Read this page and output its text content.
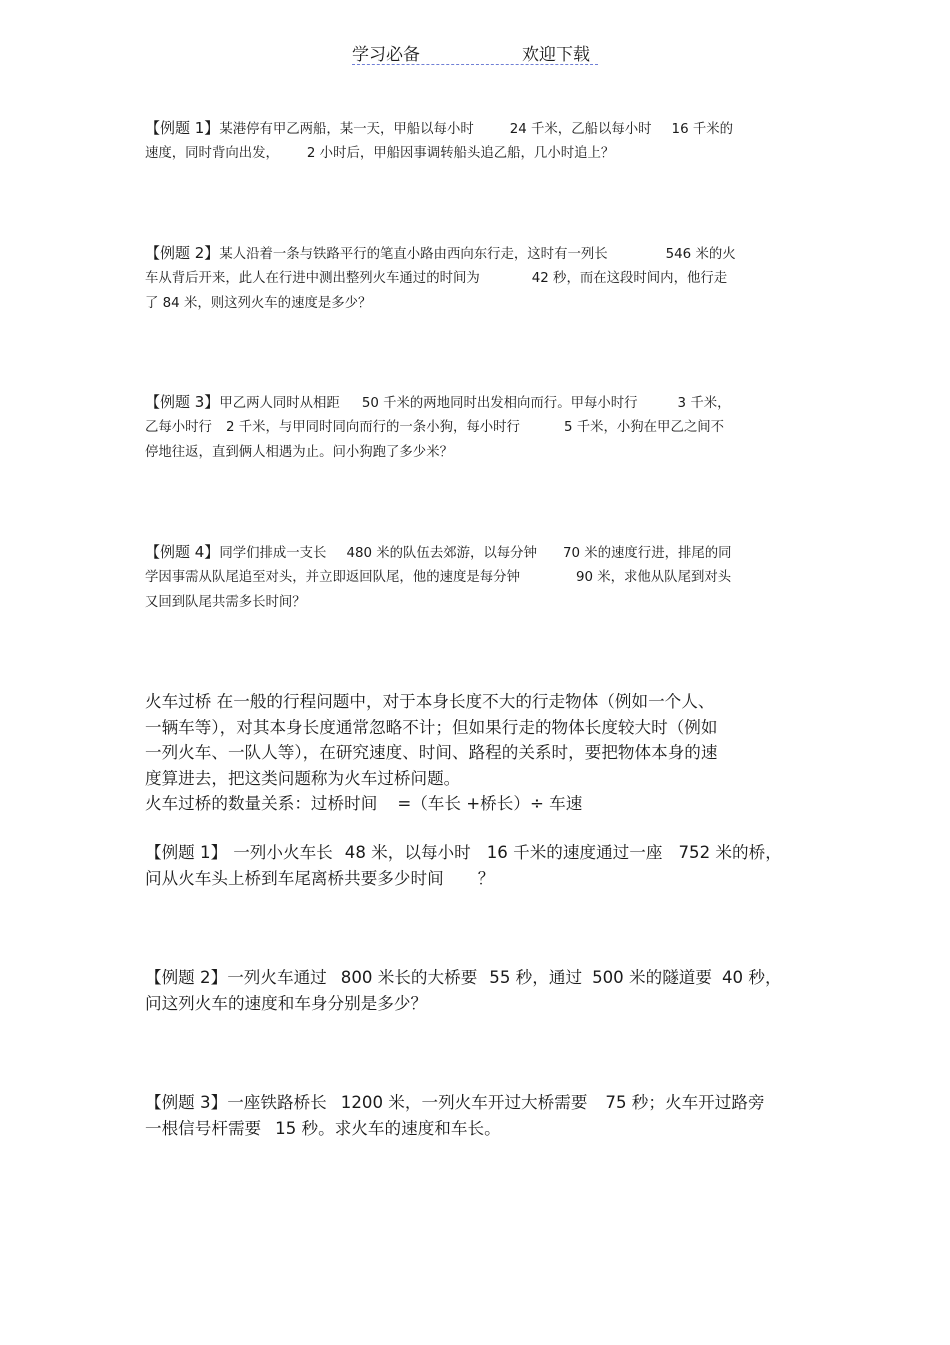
学习必备	欢迎下载
【例题 1】某港停有甲乙两船，某一天，甲船以每小时	24 千米，乙船以每小时 16 千米的
速度，同时背向出发， 2 小时后，甲船因事调转船头追乙船，几小时追上？
【例题 2】某人沿着一条与铁路平行的笔直小路由西向东行走，这时有一列长	546 米的火
车从背后开来，此人在行进中测出整列火车通过的时间为	42 秒，而在这段时间内，他行走
了 84 米，则这列火车的速度是多少？
【例题 3】甲乙两人同时从相距 50 千米的两地同时出发相向而行。甲每小时行	3 千米，
乙每小时行 2 千米，与甲同时同向而行的一条小狗，每小时行	5 千米，小狗在甲乙之间不
停地往返，直到俩人相遇为止。问小狗跑了多少米？
【例题 4】同学们排成一支长 480 米的队伍去郊游，以每分钟 70 米的速度行进，排尾的同
学因事需从队尾追至对头，并立即返回队尾，他的速度是每分钟	90 米，求他从队尾到对头
又回到队尾共需多长时间？
火车过桥 在一般的行程问题中，对于本身长度不大的行走物体（例如一个人、
一辆车等），对其本身长度通常忽略不计；但如果行走的物体长度较大时（例如
一列火车、一队人等），在研究速度、时间、路程的关系时，要把物体本身的速
度算进去，把这类问题称为火车过桥问题。
火车过桥的数量关系：过桥时间 =（车长 +桥长）÷ 车速
【例题 1】 一列小火车长 48 米，以每小时 16 千米的速度通过一座 752 米的桥，
问从火车头上桥到车尾离桥共要多少时间 ？
【例题 2】一列火车通过 800 米长的大桥要 55 秒，通过 500 米的隧道要 40 秒，
问这列火车的速度和车身分别是多少？
【例题 3】一座铁路桥长 1200 米，一列火车开过大桥需要 75 秒；火车开过路旁
一根信号杆需要 15 秒。求火车的速度和车长。
